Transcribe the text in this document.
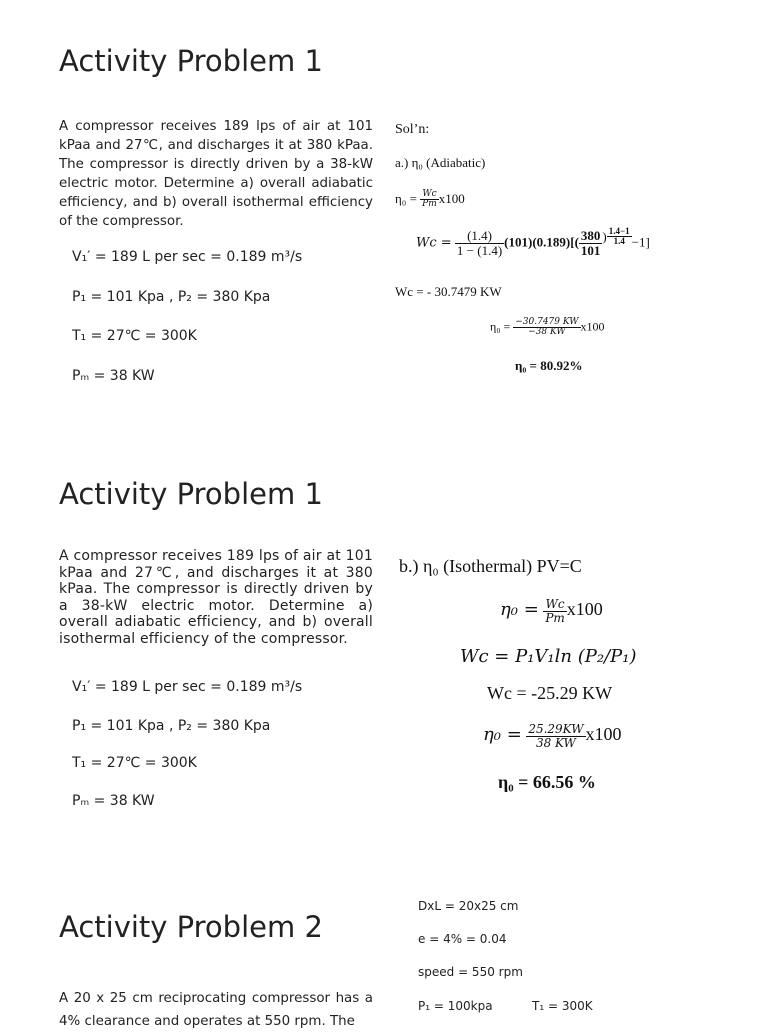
Activity Problem 1
A compressor receives 189 lps of air at 101 kPaa and 27℃, and discharges it at 380 kPaa. The compressor is directly driven by a 38-kW electric motor. Determine a) overall adiabatic efficiency, and b) overall isothermal efficiency of the compressor.
V₁′ = 189 L per sec = 0.189 m³/s
P₁ = 101 Kpa , P₂ = 380 Kpa
T₁ = 27℃ = 300K
Pₘ = 38 KW
Sol’n:
a.) η₀ (Adiabatic)
$\eta_0 = \frac{Wc}{Pm} x100$
$Wc = \frac{(1.4)}{1 - (1.4)} (101)(0.189)[( \frac{380}{101}$ ) $\frac{1.4-1}{1.4} -1$]
Wc = - 30.7479 KW
$\eta_0 = \frac{-30.7479 KW}{-38 KW} x100$
η₀ = 80.92%
Activity Problem 1
A compressor receives 189 lps of air at 101 kPaa and 27℃, and discharges it at 380 kPaa. The compressor is directly driven by a 38-kW electric motor. Determine a) overall adiabatic efficiency, and b) overall isothermal efficiency of the compressor.
V₁′ = 189 L per sec = 0.189 m³/s
P₁ = 101 Kpa , P₂ = 380 Kpa
T₁ = 27℃ = 300K
Pₘ = 38 KW
b.) η₀ (Isothermal) PV=C
$\eta_0 = \frac{Wc}{Pm} x100$
Wc = P₁V₁ln (P₂/P₁)
Wc = -25.29 KW
$\eta_0 = \frac{25.29KW}{38 KW} x100$
η₀ = 66.56 %
Activity Problem 2
A 20 x 25 cm reciprocating compressor has a 4% clearance and operates at 550 rpm. The
DxL = 20x25 cm
e = 4% = 0.04
speed = 550 rpm
P₁ = 100kpa	T₁ = 300K
